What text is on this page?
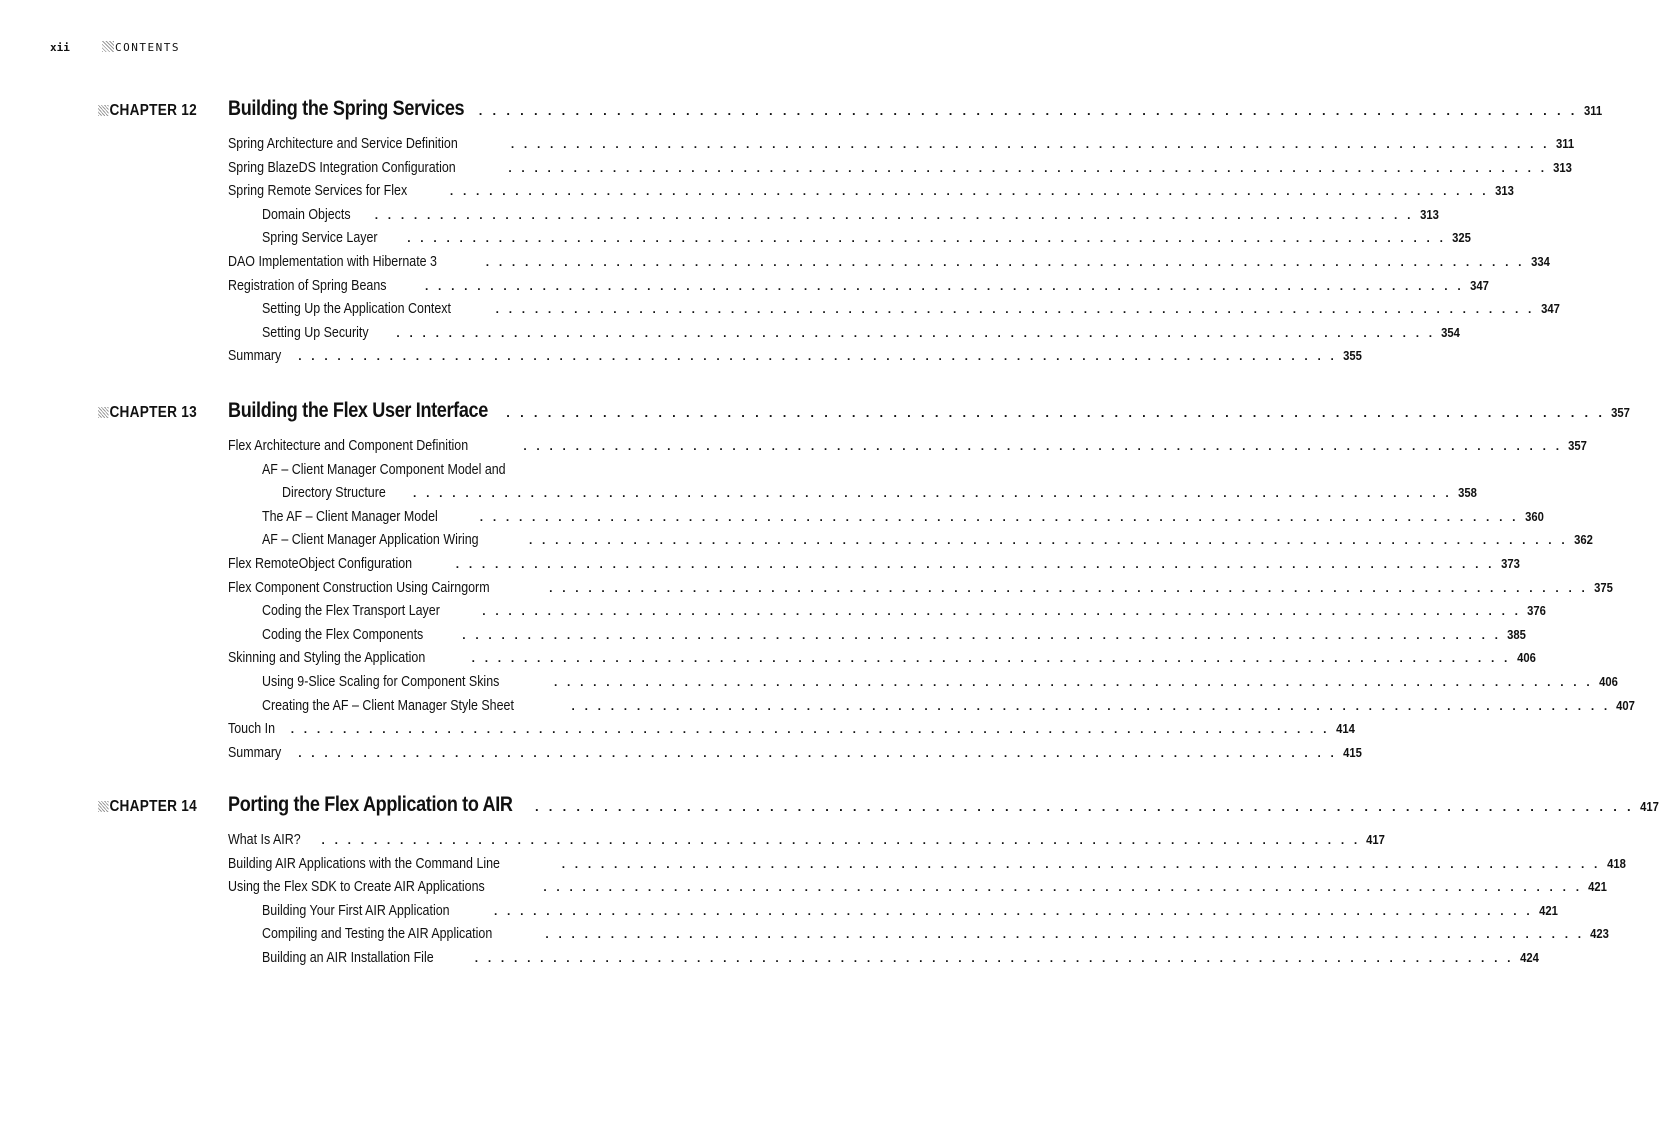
xii	CONTENTS
CHAPTER 12 Building the Spring Services . . . . . . . . . . . . . . . . . . . . . . . . . . . . . . . . . . . . . . . . . . . . . . . . . . . . . . . . . . . . . . . . . . . . . . . . . . . . . . . . 311
Spring Architecture and Service Definition	. . . . . . . . . . . . . . . . . . . . . . . . . . . . . . . . . . . . . . . . . . . . . . . . . . . . . . . . . . . . . . . . . . . . . . . . . . . . . . . . 311
Spring BlazeDS Integration Configuration	. . . . . . . . . . . . . . . . . . . . . . . . . . . . . . . . . . . . . . . . . . . . . . . . . . . . . . . . . . . . . . . . . . . . . . . . . . . . . . . . 313
Spring Remote Services for Flex	. . . . . . . . . . . . . . . . . . . . . . . . . . . . . . . . . . . . . . . . . . . . . . . . . . . . . . . . . . . . . . . . . . . . . . . . . . . . . . . . 313
Domain Objects . . . . . . . . . . . . . . . . . . . . . . . . . . . . . . . . . . . . . . . . . . . . . . . . . . . . . . . . . . . . . . . . . . . . . . . . . . . . . . . . 313
Spring Service Layer . . . . . . . . . . . . . . . . . . . . . . . . . . . . . . . . . . . . . . . . . . . . . . . . . . . . . . . . . . . . . . . . . . . . . . . . . . . . . . . . 325
DAO Implementation with Hibernate 3	. . . . . . . . . . . . . . . . . . . . . . . . . . . . . . . . . . . . . . . . . . . . . . . . . . . . . . . . . . . . . . . . . . . . . . . . . . . . . . . . 334
Registration of Spring Beans	. . . . . . . . . . . . . . . . . . . . . . . . . . . . . . . . . . . . . . . . . . . . . . . . . . . . . . . . . . . . . . . . . . . . . . . . . . . . . . . . 347
Setting Up the Application Context	. . . . . . . . . . . . . . . . . . . . . . . . . . . . . . . . . . . . . . . . . . . . . . . . . . . . . . . . . . . . . . . . . . . . . . . . . . . . . . . . 347
Setting Up Security . . . . . . . . . . . . . . . . . . . . . . . . . . . . . . . . . . . . . . . . . . . . . . . . . . . . . . . . . . . . . . . . . . . . . . . . . . . . . . . . 354
Summary . . . . . . . . . . . . . . . . . . . . . . . . . . . . . . . . . . . . . . . . . . . . . . . . . . . . . . . . . . . . . . . . . . . . . . . . . . . . . . . . 355
CHAPTER 13 Building the Flex User Interface . . . . . . . . . . . . . . . . . . . . . . . . . . . . . . . . . . . . . . . . . . . . . . . . . . . . . . . . . . . . . . . . . . . . . . . . . . . . . . . . 357
Flex Architecture and Component Definition	. . . . . . . . . . . . . . . . . . . . . . . . . . . . . . . . . . . . . . . . . . . . . . . . . . . . . . . . . . . . . . . . . . . . . . . . . . . . . . . . 357
AF – Client Manager Component Model and
Directory Structure . . . . . . . . . . . . . . . . . . . . . . . . . . . . . . . . . . . . . . . . . . . . . . . . . . . . . . . . . . . . . . . . . . . . . . . . . . . . . . . . 358
The AF – Client Manager Model	. . . . . . . . . . . . . . . . . . . . . . . . . . . . . . . . . . . . . . . . . . . . . . . . . . . . . . . . . . . . . . . . . . . . . . . . . . . . . . . . 360
AF – Client Manager Application Wiring	. . . . . . . . . . . . . . . . . . . . . . . . . . . . . . . . . . . . . . . . . . . . . . . . . . . . . . . . . . . . . . . . . . . . . . . . . . . . . . . . 362
Flex RemoteObject Configuration	. . . . . . . . . . . . . . . . . . . . . . . . . . . . . . . . . . . . . . . . . . . . . . . . . . . . . . . . . . . . . . . . . . . . . . . . . . . . . . . . 373
Flex Component Construction Using Cairngorm	. . . . . . . . . . . . . . . . . . . . . . . . . . . . . . . . . . . . . . . . . . . . . . . . . . . . . . . . . . . . . . . . . . . . . . . . . . . . . . . . 375
Coding the Flex Transport Layer	. . . . . . . . . . . . . . . . . . . . . . . . . . . . . . . . . . . . . . . . . . . . . . . . . . . . . . . . . . . . . . . . . . . . . . . . . . . . . . . . 376
Coding the Flex Components	. . . . . . . . . . . . . . . . . . . . . . . . . . . . . . . . . . . . . . . . . . . . . . . . . . . . . . . . . . . . . . . . . . . . . . . . . . . . . . . . 385
Skinning and Styling the Application	. . . . . . . . . . . . . . . . . . . . . . . . . . . . . . . . . . . . . . . . . . . . . . . . . . . . . . . . . . . . . . . . . . . . . . . . . . . . . . . . 406
Using 9-Slice Scaling for Component Skins	. . . . . . . . . . . . . . . . . . . . . . . . . . . . . . . . . . . . . . . . . . . . . . . . . . . . . . . . . . . . . . . . . . . . . . . . . . . . . . . . 406
Creating the AF – Client Manager Style Sheet	. . . . . . . . . . . . . . . . . . . . . . . . . . . . . . . . . . . . . . . . . . . . . . . . . . . . . . . . . . . . . . . . . . . . . . . . . . . . . . . . 407
Touch In . . . . . . . . . . . . . . . . . . . . . . . . . . . . . . . . . . . . . . . . . . . . . . . . . . . . . . . . . . . . . . . . . . . . . . . . . . . . . . . . 414
Summary . . . . . . . . . . . . . . . . . . . . . . . . . . . . . . . . . . . . . . . . . . . . . . . . . . . . . . . . . . . . . . . . . . . . . . . . . . . . . . . . 415
CHAPTER 14 Porting the Flex Application to AIR . . . . . . . . . . . . . . . . . . . . . . . . . . . . . . . . . . . . . . . . . . . . . . . . . . . . . . . . . . . . . . . . . . . . . . . . . . . . . . . . 417
What Is AIR? . . . . . . . . . . . . . . . . . . . . . . . . . . . . . . . . . . . . . . . . . . . . . . . . . . . . . . . . . . . . . . . . . . . . . . . . . . . . . . . . 417
Building AIR Applications with the Command Line	. . . . . . . . . . . . . . . . . . . . . . . . . . . . . . . . . . . . . . . . . . . . . . . . . . . . . . . . . . . . . . . . . . . . . . . . . . . . . . . . 418
Using the Flex SDK to Create AIR Applications	. . . . . . . . . . . . . . . . . . . . . . . . . . . . . . . . . . . . . . . . . . . . . . . . . . . . . . . . . . . . . . . . . . . . . . . . . . . . . . . . 421
Building Your First AIR Application	. . . . . . . . . . . . . . . . . . . . . . . . . . . . . . . . . . . . . . . . . . . . . . . . . . . . . . . . . . . . . . . . . . . . . . . . . . . . . . . . 421
Compiling and Testing the AIR Application	. . . . . . . . . . . . . . . . . . . . . . . . . . . . . . . . . . . . . . . . . . . . . . . . . . . . . . . . . . . . . . . . . . . . . . . . . . . . . . . . 423
Building an AIR Installation File	. . . . . . . . . . . . . . . . . . . . . . . . . . . . . . . . . . . . . . . . . . . . . . . . . . . . . . . . . . . . . . . . . . . . . . . . . . . . . . . . 424
